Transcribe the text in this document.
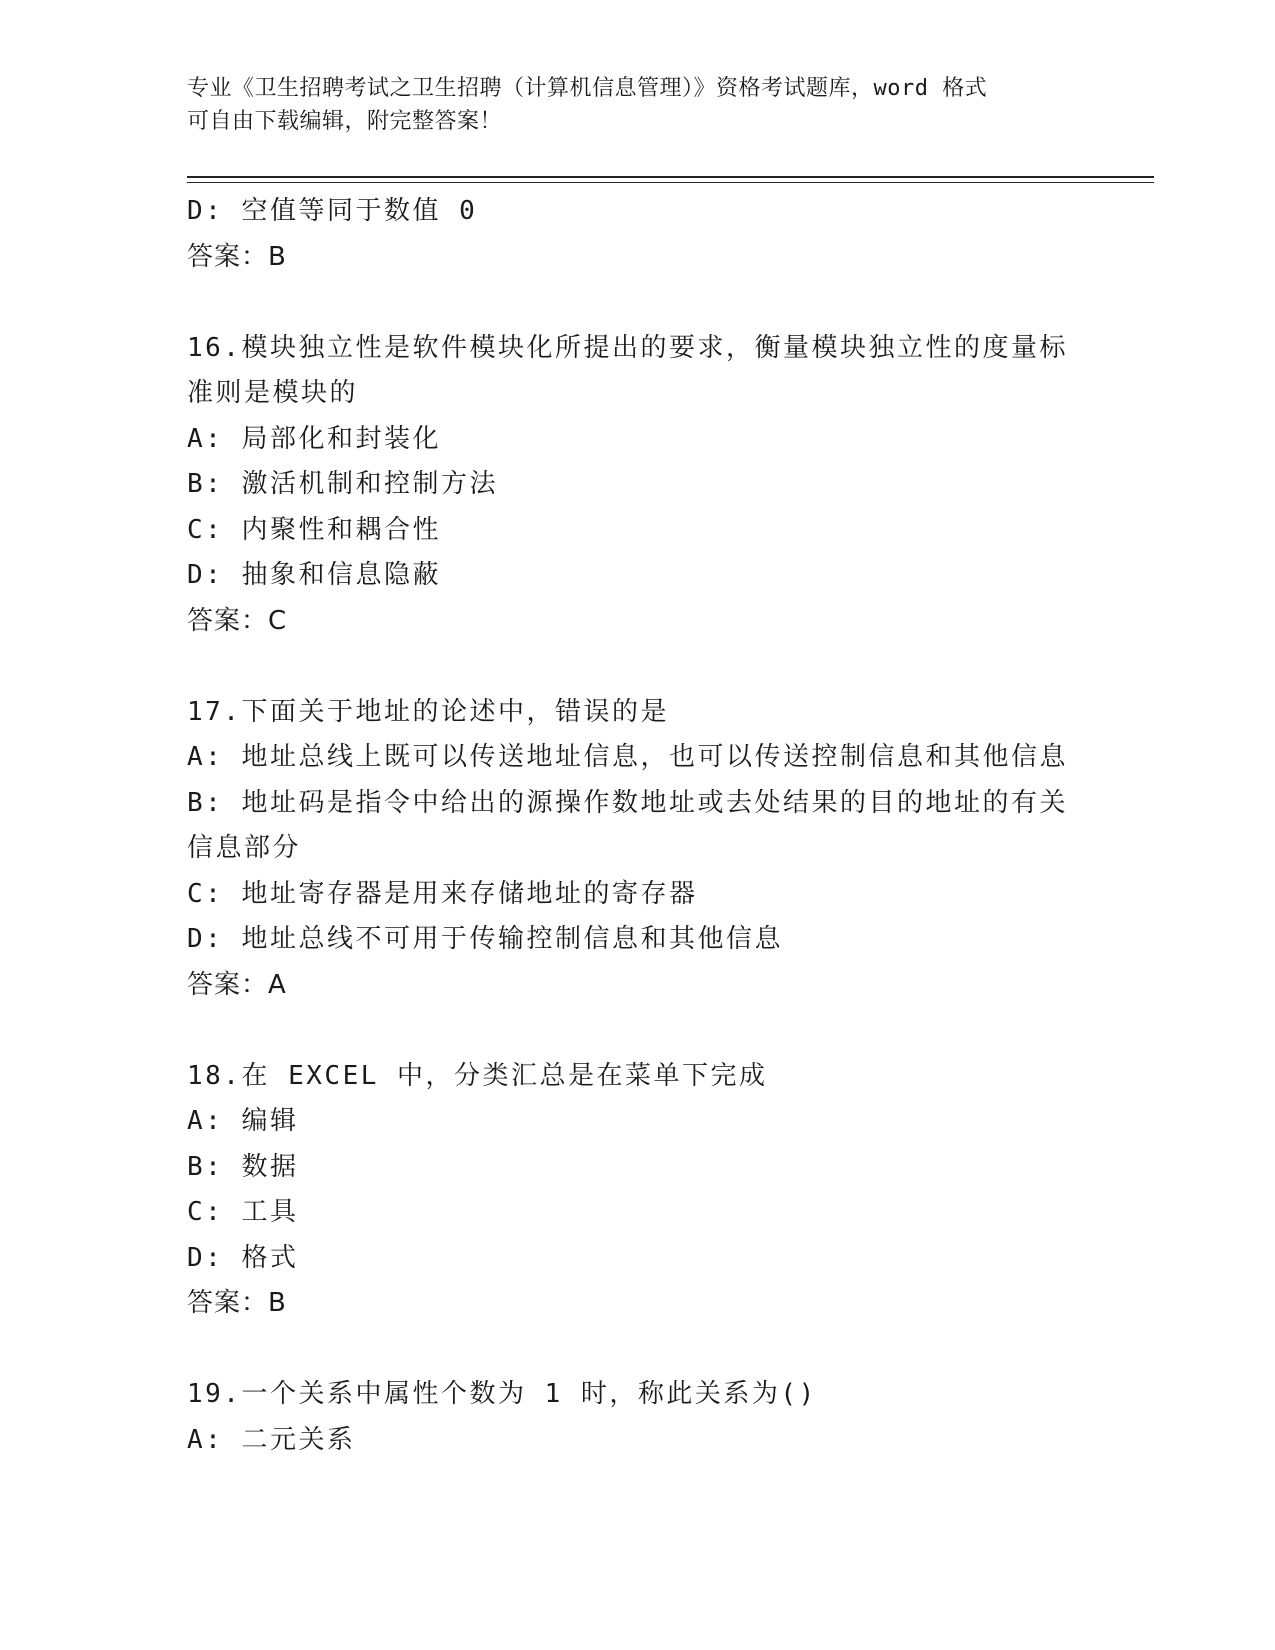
专业《卫生招聘考试之卫生招聘（计算机信息管理）》资格考试题库，word 格式
可自由下载编辑，附完整答案！
D: 空值等同于数值 0
答案：B
16.模块独立性是软件模块化所提出的要求，衡量模块独立性的度量标
准则是模块的
A: 局部化和封装化
B: 激活机制和控制方法
C: 内聚性和耦合性
D: 抽象和信息隐蔽
答案：C
17.下面关于地址的论述中，错误的是
A: 地址总线上既可以传送地址信息，也可以传送控制信息和其他信息
B: 地址码是指令中给出的源操作数地址或去处结果的目的地址的有关
信息部分
C: 地址寄存器是用来存储地址的寄存器
D: 地址总线不可用于传输控制信息和其他信息
答案：A
18.在 EXCEL 中，分类汇总是在菜单下完成
A: 编辑
B: 数据
C: 工具
D: 格式
答案：B
19.一个关系中属性个数为 1 时，称此关系为()
A: 二元关系
